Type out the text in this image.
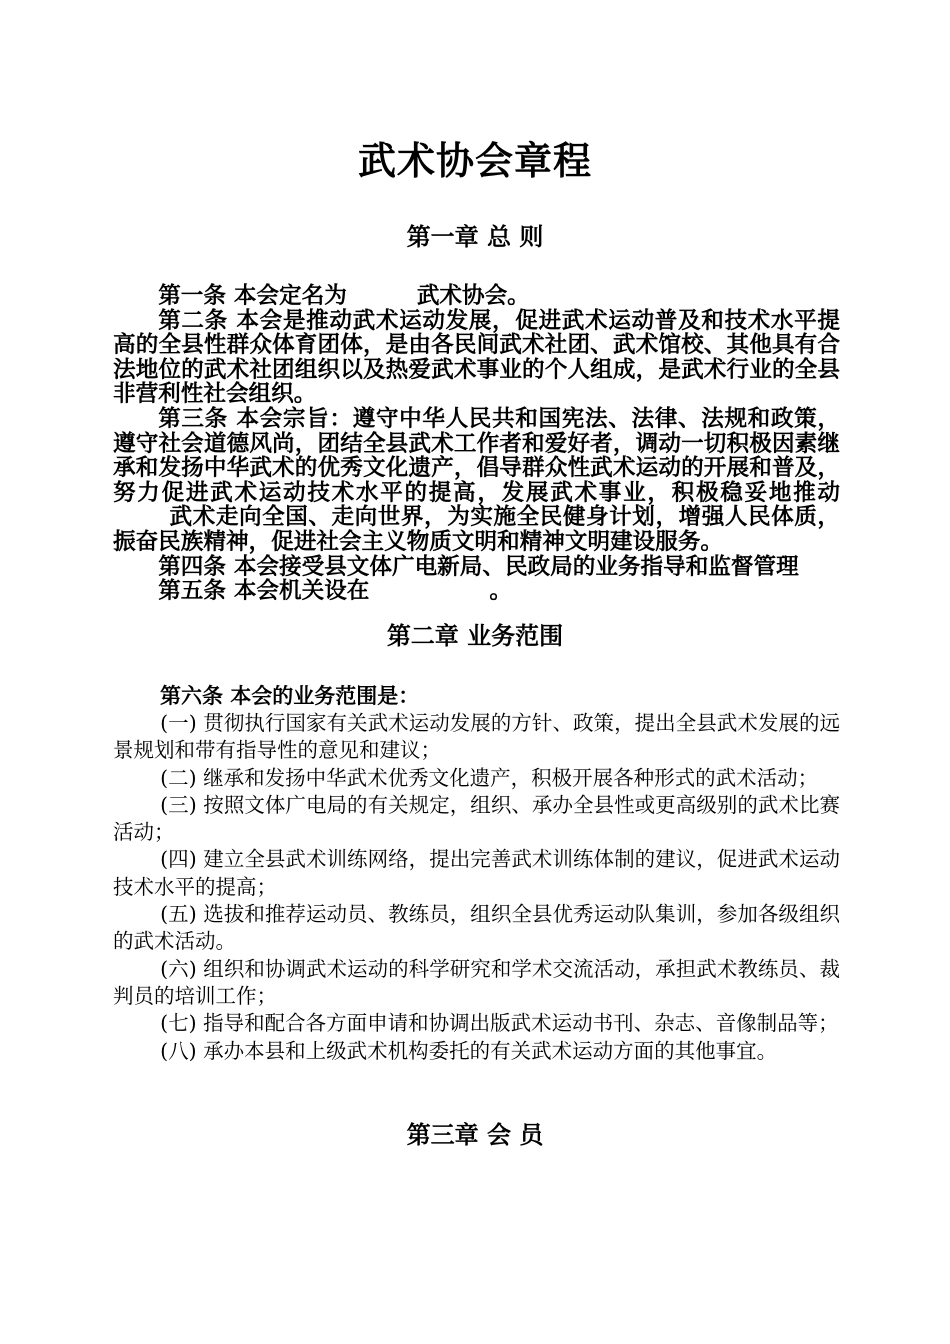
武术协会章程
第一章 总 则

第一条 本会定名为	武术协会。

第二条 本会是推动武术运动发展，促进武术运动普及和技术水平提高的全县性群众体育团体，是由各民间武术社团、武术馆校、其他具有合法地位的武术社团组织以及热爱武术事业的个人组成，是武术行业的全县非营利性社会组织。

第三条 本会宗旨：遵守中华人民共和国宪法、法律、法规和政策，遵守社会道德风尚，团结全县武术工作者和爱好者，调动一切积极因素继承和发扬中华武术的优秀文化遗产，倡导群众性武术运动的开展和普及，努力促进武术运动技术水平的提高，发展武术事业，积极稳妥地推动武术走向全国、走向世界，为实施全民健身计划，增强人民体质，振奋民族精神，促进社会主义物质文明和精神文明建设服务。

第四条 本会接受县文体广电新局、民政局的业务指导和监督管理

第五条 本会机关设在	。

第二章 业务范围
第六条 本会的业务范围是：

(一) 贯彻执行国家有关武术运动发展的方针、政策，提出全县武术发展的远景规划和带有指导性的意见和建议；

(二) 继承和发扬中华武术优秀文化遗产，积极开展各种形式的武术活动；

(三) 按照文体广电局的有关规定，组织、承办全县性或更高级别的武术比赛活动；

(四) 建立全县武术训练网络，提出完善武术训练体制的建议，促进武术运动技术水平的提高；

(五) 选拔和推荐运动员、教练员，组织全县优秀运动队集训，参加各级组织的武术活动。

(六) 组织和协调武术运动的科学研究和学术交流活动，承担武术教练员、裁判员的培训工作；

(七) 指导和配合各方面申请和协调出版武术运动书刊、杂志、音像制品等；

(八) 承办本县和上级武术机构委托的有关武术运动方面的其他事宜。

第三章 会 员
